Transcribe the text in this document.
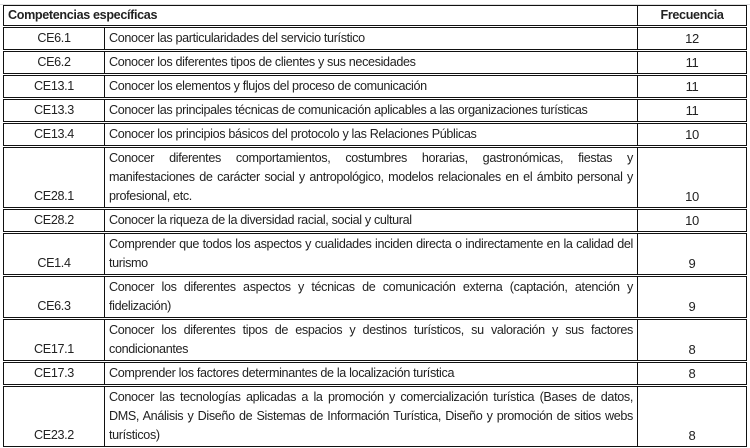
Competencias específicas		Frecuencia
CE6.1	Conocer las particularidades del servicio turístico	12
CE6.2	Conocer los diferentes tipos de clientes y sus necesidades	11
CE13.1	Conocer los elementos y flujos del proceso de comunicación	11
CE13.3	Conocer las principales técnicas de comunicación aplicables a las organizaciones turísticas	11
CE13.4	Conocer los principios básicos del protocolo y las Relaciones Públicas	10
CE28.1	Conocer diferentes comportamientos, costumbres horarias, gastronómicas, fiestas y manifestaciones de carácter social y antropológico, modelos relacionales en el ámbito personal y profesional, etc.	10
CE28.2	Conocer la riqueza de la diversidad racial, social y cultural	10
CE1.4	Comprender que todos los aspectos y cualidades inciden directa o indirectamente en la calidad del turismo	9
CE6.3	Conocer los diferentes aspectos y técnicas de comunicación externa (captación, atención y fidelización)	9
CE17.1	Conocer los diferentes tipos de espacios y destinos turísticos, su valoración y sus factores condicionantes	8
CE17.3	Comprender los factores determinantes de la localización turística	8
CE23.2	Conocer las tecnologías aplicadas a la promoción y comercialización turística (Bases de datos, DMS, Análisis y Diseño de Sistemas de Información Turística, Diseño y promoción de sitios webs turísticos)	8
